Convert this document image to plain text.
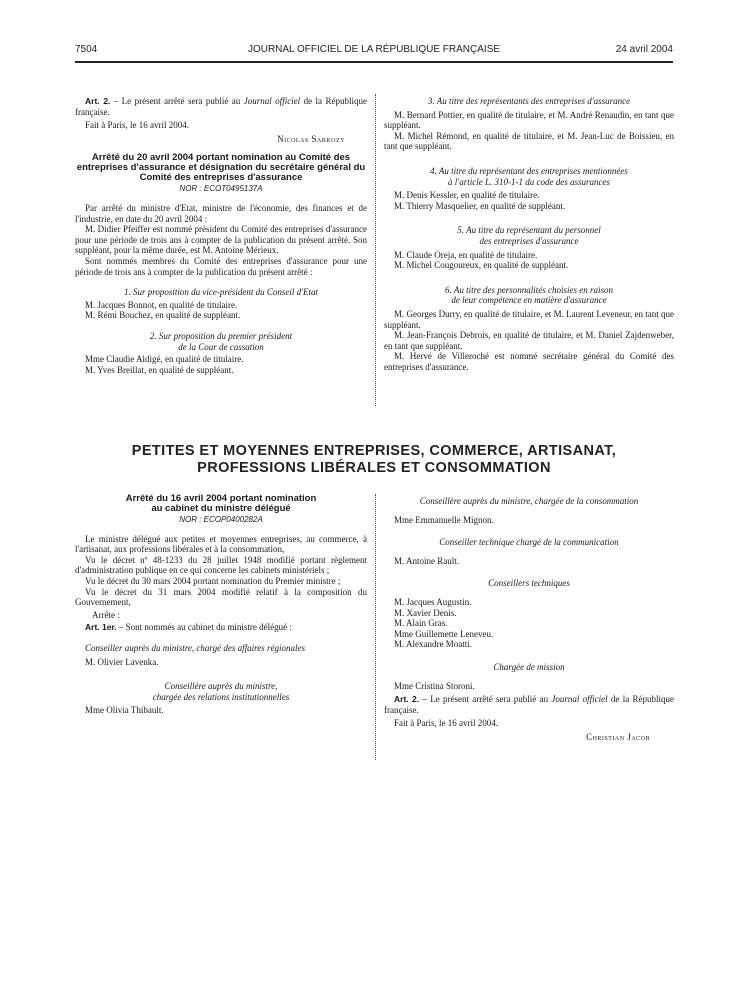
7504	JOURNAL OFFICIEL DE LA RÉPUBLIQUE FRANÇAISE	24 avril 2004

Art. 2. – Le présent arrêté sera publié au Journal officiel de la République française.

Fait à Paris, le 16 avril 2004.

Nicolas Sarkozy

Arrêté du 20 avril 2004 portant nomination au Comité des entreprises d'assurance et désignation du secrétaire général du Comité des entreprises d'assurance

NOR : ECOT0495137A

Par arrêté du ministre d'Etat, ministre de l'économie, des finances et de l'industrie, en date du 20 avril 2004 :

M. Didier Pfeiffer est nommé président du Comité des entreprises d'assurance pour une période de trois ans à compter de la publication du présent arrêté. Son suppléant, pour la même durée, est M. Antoine Mérieux.

Sont nommés membres du Comité des entreprises d'assurance pour une période de trois ans à compter de la publication du présent arrêté :

1. Sur proposition du vice-président du Conseil d'Etat

M. Jacques Bonnot, en qualité de titulaire.

M. Rémi Bouchez, en qualité de suppléant.

2. Sur proposition du premier président

de la Cour de cassation

Mme Claudie Aldigé, en qualité de titulaire.

M. Yves Breillat, en qualité de suppléant.

3. Au titre des représentants des entreprises d'assurance

M. Bernard Pottier, en qualité de titulaire, et M. André Renaudin, en tant que suppléant.

M. Michel Rémond, en qualité de titulaire, et M. Jean-Luc de Boissieu, en tant que suppléant.

4. Au titre du représentant des entreprises mentionnées

à l'article L. 310-1-1 du code des assurances

M. Denis Kessler, en qualité de titulaire.

M. Thierry Masquelier, en qualité de suppléant.

5. Au titre du représentant du personnel

des entreprises d'assurance

M. Claude Oreja, en qualité de titulaire.

M. Michel Cougoureux, en qualité de suppléant.

6. Au titre des personnalités choisies en raison

de leur compétence en matière d'assurance

M. Georges Durry, en qualité de titulaire, et M. Laurent Leveneur, en tant que suppléant.

M. Jean-François Debrois, en qualité de titulaire, et M. Daniel Zajdenweber, en tant que suppléant.

M. Hervé de Villeroché est nommé secrétaire général du Comité des entreprises d'assurance.

PETITES ET MOYENNES ENTREPRISES, COMMERCE, ARTISANAT,
PROFESSIONS LIBÉRALES ET CONSOMMATION

Arrêté du 16 avril 2004 portant nomination

au cabinet du ministre délégué

NOR : ECOP0400282A

Le ministre délégué aux petites et moyennes entreprises, au commerce, à l'artisanat, aux professions libérales et à la consommation,

Vu le décret nº 48-1233 du 28 juillet 1948 modifié portant règlement d'administration publique en ce qui concerne les cabinets ministériels ;

Vu le décret du 30 mars 2004 portant nomination du Premier ministre ;

Vu le décret du 31 mars 2004 modifié relatif à la composition du Gouvernement,

Arrête :

Art. 1er. – Sont nommés au cabinet du ministre délégué :

Conseiller auprès du ministre, chargé des affaires régionales

M. Olivier Lavenka.

Conseillère auprès du ministre,

chargée des relations institutionnelles

Mme Olivia Thibault.

Conseillère auprès du ministre, chargée de la consommation

Mme Emmanuelle Mignon.

Conseiller technique chargé de la communication

M. Antoine Rault.

Conseillers techniques

M. Jacques Augustin.

M. Xavier Denis.

M. Alain Gras.

Mme Guillemette Leneveu.

M. Alexandre Moatti.

Chargée de mission

Mme Cristina Storoni.

Art. 2. – Le présent arrêté sera publié au Journal officiel de la République française.

Fait à Paris, le 16 avril 2004.

Christian Jacob
